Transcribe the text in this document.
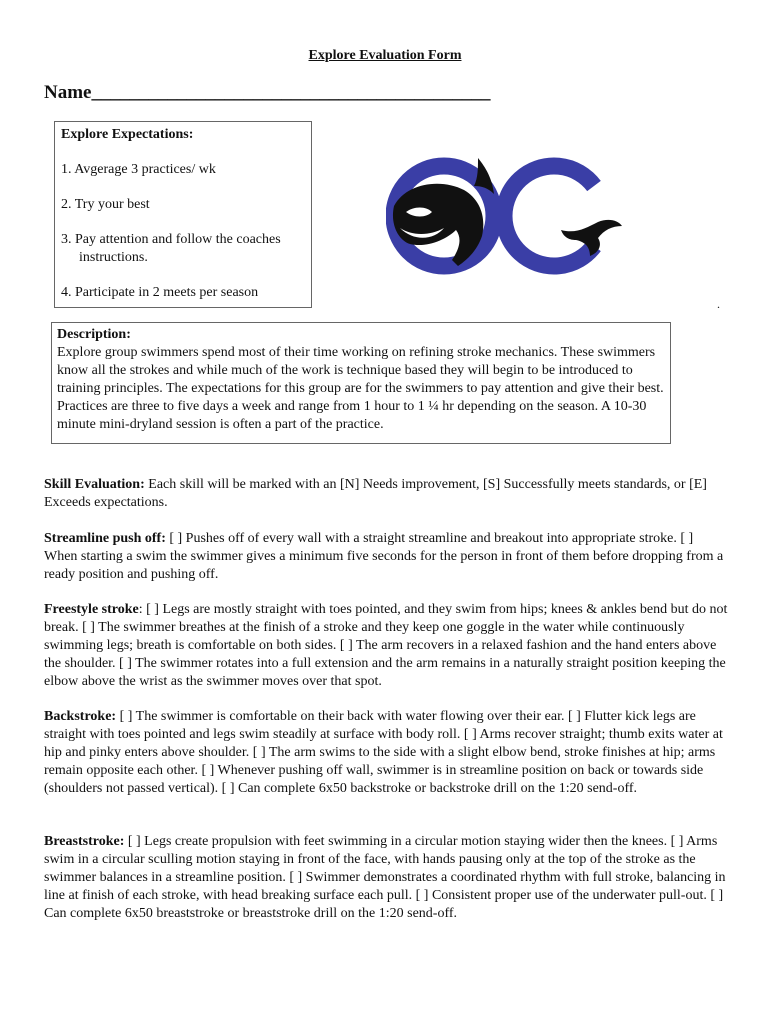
Explore Evaluation Form
Name__________________________________________
Explore Expectations:
1. Avgerage 3 practices/ wk
2. Try your best
3. Pay attention and follow the coaches instructions.
4. Participate in 2 meets per season
.
Description:
Explore group swimmers spend most of their time working on refining stroke mechanics. These swimmers know all the strokes and while much of the work is technique based they will begin to be introduced to training principles. The expectations for this group are for the swimmers to pay attention and give their best. Practices are three to five days a week and range from 1 hour to 1 ¼ hr depending on the season. A 10-30 minute mini-dryland session is often a part of the practice.
Skill Evaluation: Each skill will be marked with an [N] Needs improvement, [S] Successfully meets standards, or [E] Exceeds expectations.
Streamline push off: [ ] Pushes off of every wall with a straight streamline and breakout into appropriate stroke. [ ] When starting a swim the swimmer gives a minimum five seconds for the person in front of them before dropping from a ready position and pushing off.
Freestyle stroke: [ ] Legs are mostly straight with toes pointed, and they swim from hips; knees & ankles bend but do not break. [ ] The swimmer breathes at the finish of a stroke and they keep one goggle in the water while continuously swimming legs; breath is comfortable on both sides. [ ] The arm recovers in a relaxed fashion and the hand enters above the shoulder. [ ] The swimmer rotates into a full extension and the arm remains in a naturally straight position keeping the elbow above the wrist as the swimmer moves over that spot.
Backstroke: [ ] The swimmer is comfortable on their back with water flowing over their ear. [ ] Flutter kick legs are straight with toes pointed and legs swim steadily at surface with body roll. [ ] Arms recover straight; thumb exits water at hip and pinky enters above shoulder. [ ] The arm swims to the side with a slight elbow bend, stroke finishes at hip; arms remain opposite each other. [ ] Whenever pushing off wall, swimmer is in streamline position on back or towards side (shoulders not passed vertical). [ ] Can complete 6x50 backstroke or backstroke drill on the 1:20 send-off.
Breaststroke: [ ] Legs create propulsion with feet swimming in a circular motion staying wider then the knees. [ ] Arms swim in a circular sculling motion staying in front of the face, with hands pausing only at the top of the stroke as the swimmer balances in a streamline position. [ ] Swimmer demonstrates a coordinated rhythm with full stroke, balancing in line at finish of each stroke, with head breaking surface each pull. [ ] Consistent proper use of the underwater pull-out. [ ] Can complete 6x50 breaststroke or breaststroke drill on the 1:20 send-off.
